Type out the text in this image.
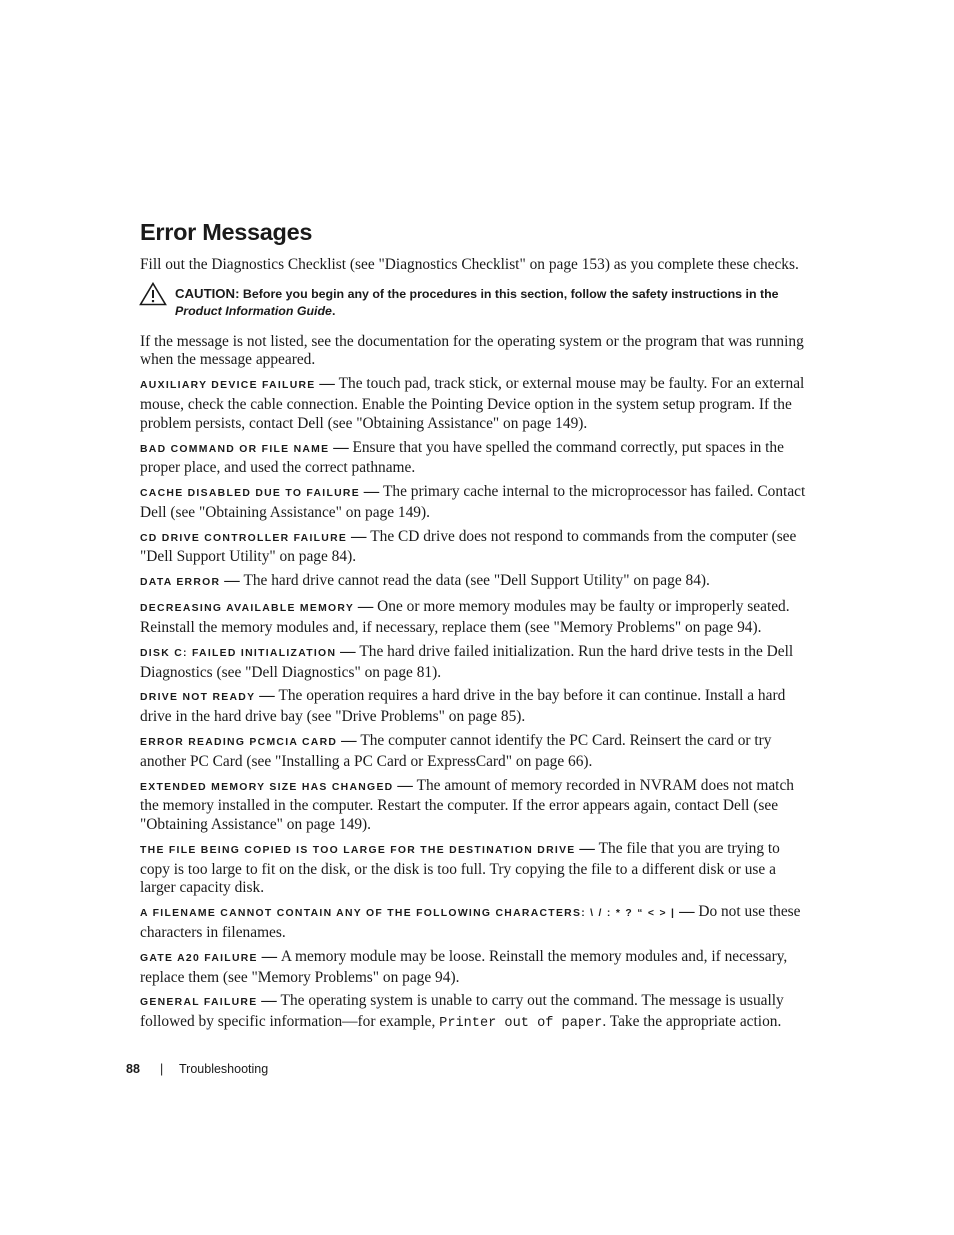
Error Messages

Fill out the Diagnostics Checklist (see "Diagnostics Checklist" on page 153) as you complete these checks.

CAUTION: Before you begin any of the procedures in this section, follow the safety instructions in the Product Information Guide.

If the message is not listed, see the documentation for the operating system or the program that was running when the message appeared.

AUXILIARY DEVICE FAILURE — The touch pad, track stick, or external mouse may be faulty. For an external mouse, check the cable connection. Enable the Pointing Device option in the system setup program. If the problem persists, contact Dell (see "Obtaining Assistance" on page 149).

BAD COMMAND OR FILE NAME — Ensure that you have spelled the command correctly, put spaces in the proper place, and used the correct pathname.

CACHE DISABLED DUE TO FAILURE — The primary cache internal to the microprocessor has failed. Contact Dell (see "Obtaining Assistance" on page 149).

CD DRIVE CONTROLLER FAILURE — The CD drive does not respond to commands from the computer (see "Dell Support Utility" on page 84).

DATA ERROR — The hard drive cannot read the data (see "Dell Support Utility" on page 84).

DECREASING AVAILABLE MEMORY — One or more memory modules may be faulty or improperly seated. Reinstall the memory modules and, if necessary, replace them (see "Memory Problems" on page 94).

DISK C: FAILED INITIALIZATION — The hard drive failed initialization. Run the hard drive tests in the Dell Diagnostics (see "Dell Diagnostics" on page 81).

DRIVE NOT READY — The operation requires a hard drive in the bay before it can continue. Install a hard drive in the hard drive bay (see "Drive Problems" on page 85).

ERROR READING PCMCIA CARD — The computer cannot identify the PC Card. Reinsert the card or try another PC Card (see "Installing a PC Card or ExpressCard" on page 66).

EXTENDED MEMORY SIZE HAS CHANGED — The amount of memory recorded in NVRAM does not match the memory installed in the computer. Restart the computer. If the error appears again, contact Dell (see "Obtaining Assistance" on page 149).

THE FILE BEING COPIED IS TOO LARGE FOR THE DESTINATION DRIVE — The file that you are trying to copy is too large to fit on the disk, or the disk is too full. Try copying the file to a different disk or use a larger capacity disk.

A FILENAME CANNOT CONTAIN ANY OF THE FOLLOWING CHARACTERS: \ / : * ? “ < > | — Do not use these characters in filenames.

GATE A20 FAILURE — A memory module may be loose. Reinstall the memory modules and, if necessary, replace them (see "Memory Problems" on page 94).

GENERAL FAILURE — The operating system is unable to carry out the command. The message is usually followed by specific information—for example, Printer out of paper. Take the appropriate action.

88 | Troubleshooting
